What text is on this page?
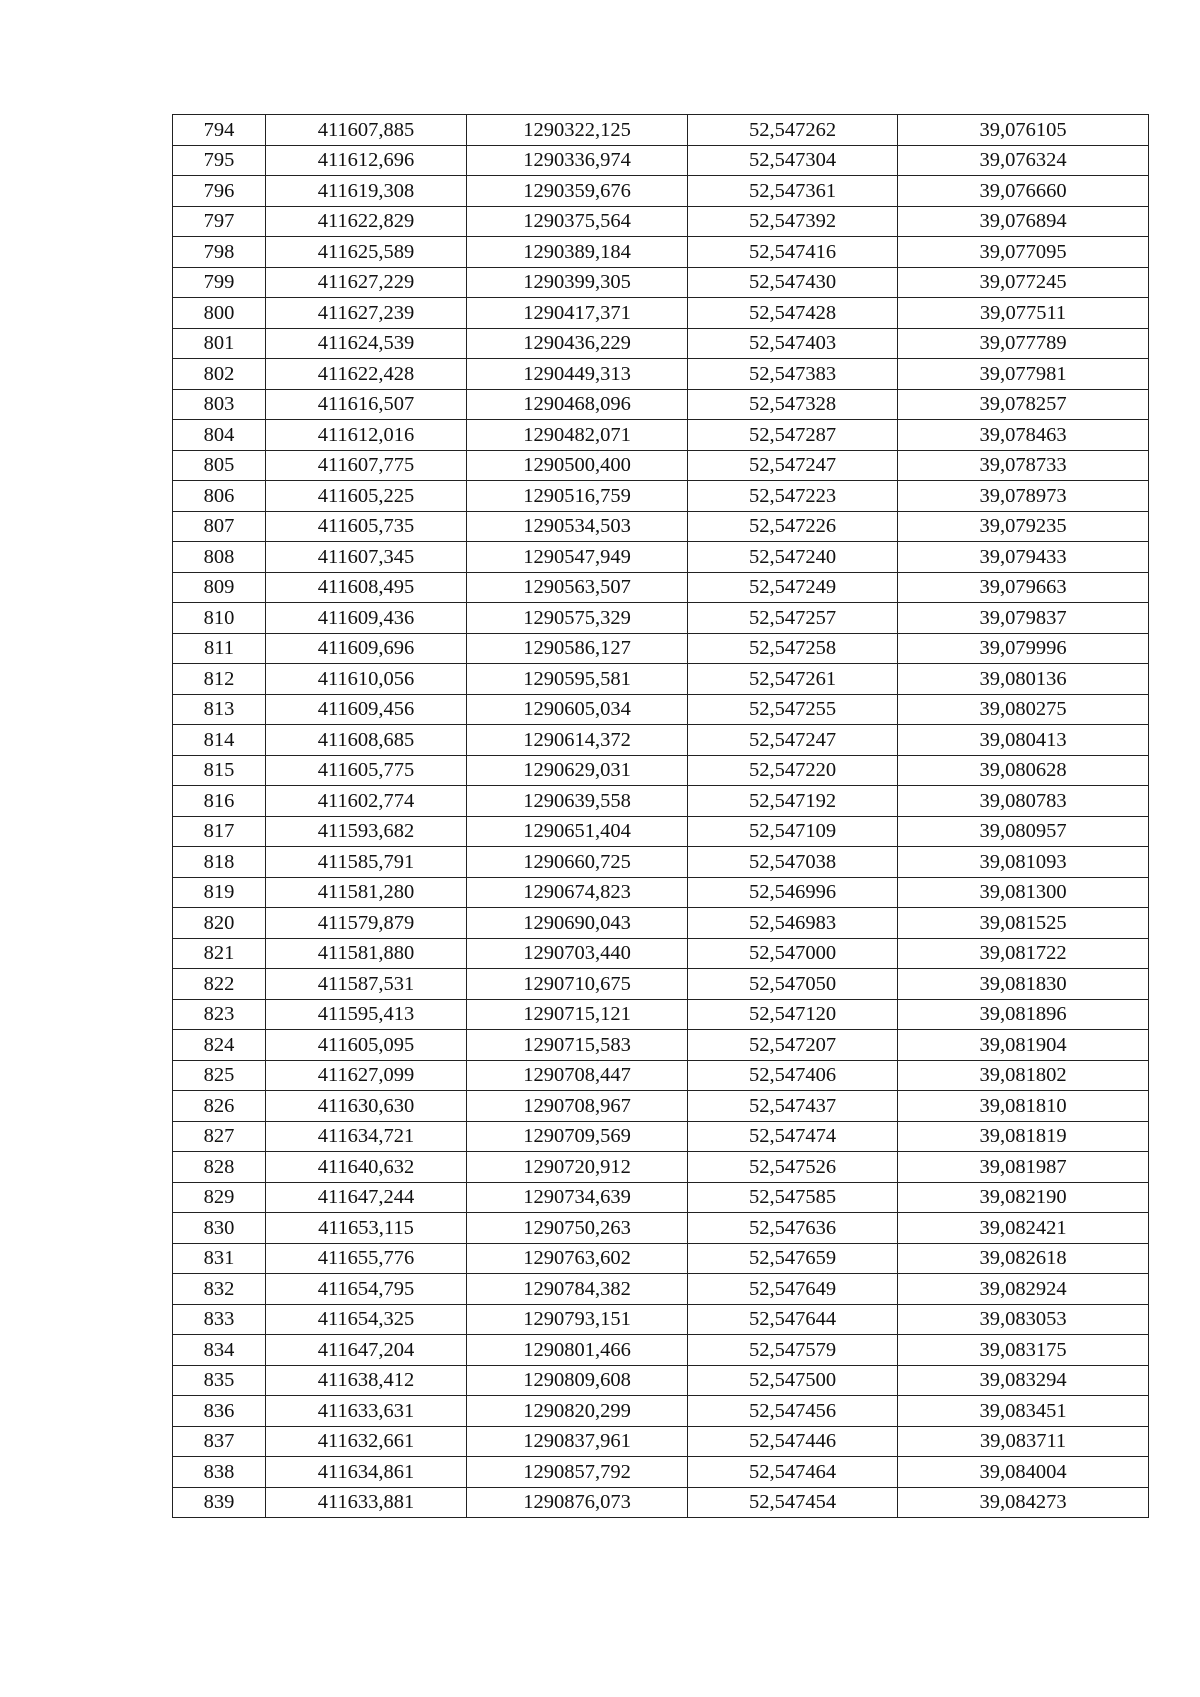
794	411607,885	1290322,125	52,547262	39,076105
795	411612,696	1290336,974	52,547304	39,076324
796	411619,308	1290359,676	52,547361	39,076660
797	411622,829	1290375,564	52,547392	39,076894
798	411625,589	1290389,184	52,547416	39,077095
799	411627,229	1290399,305	52,547430	39,077245
800	411627,239	1290417,371	52,547428	39,077511
801	411624,539	1290436,229	52,547403	39,077789
802	411622,428	1290449,313	52,547383	39,077981
803	411616,507	1290468,096	52,547328	39,078257
804	411612,016	1290482,071	52,547287	39,078463
805	411607,775	1290500,400	52,547247	39,078733
806	411605,225	1290516,759	52,547223	39,078973
807	411605,735	1290534,503	52,547226	39,079235
808	411607,345	1290547,949	52,547240	39,079433
809	411608,495	1290563,507	52,547249	39,079663
810	411609,436	1290575,329	52,547257	39,079837
811	411609,696	1290586,127	52,547258	39,079996
812	411610,056	1290595,581	52,547261	39,080136
813	411609,456	1290605,034	52,547255	39,080275
814	411608,685	1290614,372	52,547247	39,080413
815	411605,775	1290629,031	52,547220	39,080628
816	411602,774	1290639,558	52,547192	39,080783
817	411593,682	1290651,404	52,547109	39,080957
818	411585,791	1290660,725	52,547038	39,081093
819	411581,280	1290674,823	52,546996	39,081300
820	411579,879	1290690,043	52,546983	39,081525
821	411581,880	1290703,440	52,547000	39,081722
822	411587,531	1290710,675	52,547050	39,081830
823	411595,413	1290715,121	52,547120	39,081896
824	411605,095	1290715,583	52,547207	39,081904
825	411627,099	1290708,447	52,547406	39,081802
826	411630,630	1290708,967	52,547437	39,081810
827	411634,721	1290709,569	52,547474	39,081819
828	411640,632	1290720,912	52,547526	39,081987
829	411647,244	1290734,639	52,547585	39,082190
830	411653,115	1290750,263	52,547636	39,082421
831	411655,776	1290763,602	52,547659	39,082618
832	411654,795	1290784,382	52,547649	39,082924
833	411654,325	1290793,151	52,547644	39,083053
834	411647,204	1290801,466	52,547579	39,083175
835	411638,412	1290809,608	52,547500	39,083294
836	411633,631	1290820,299	52,547456	39,083451
837	411632,661	1290837,961	52,547446	39,083711
838	411634,861	1290857,792	52,547464	39,084004
839	411633,881	1290876,073	52,547454	39,084273
